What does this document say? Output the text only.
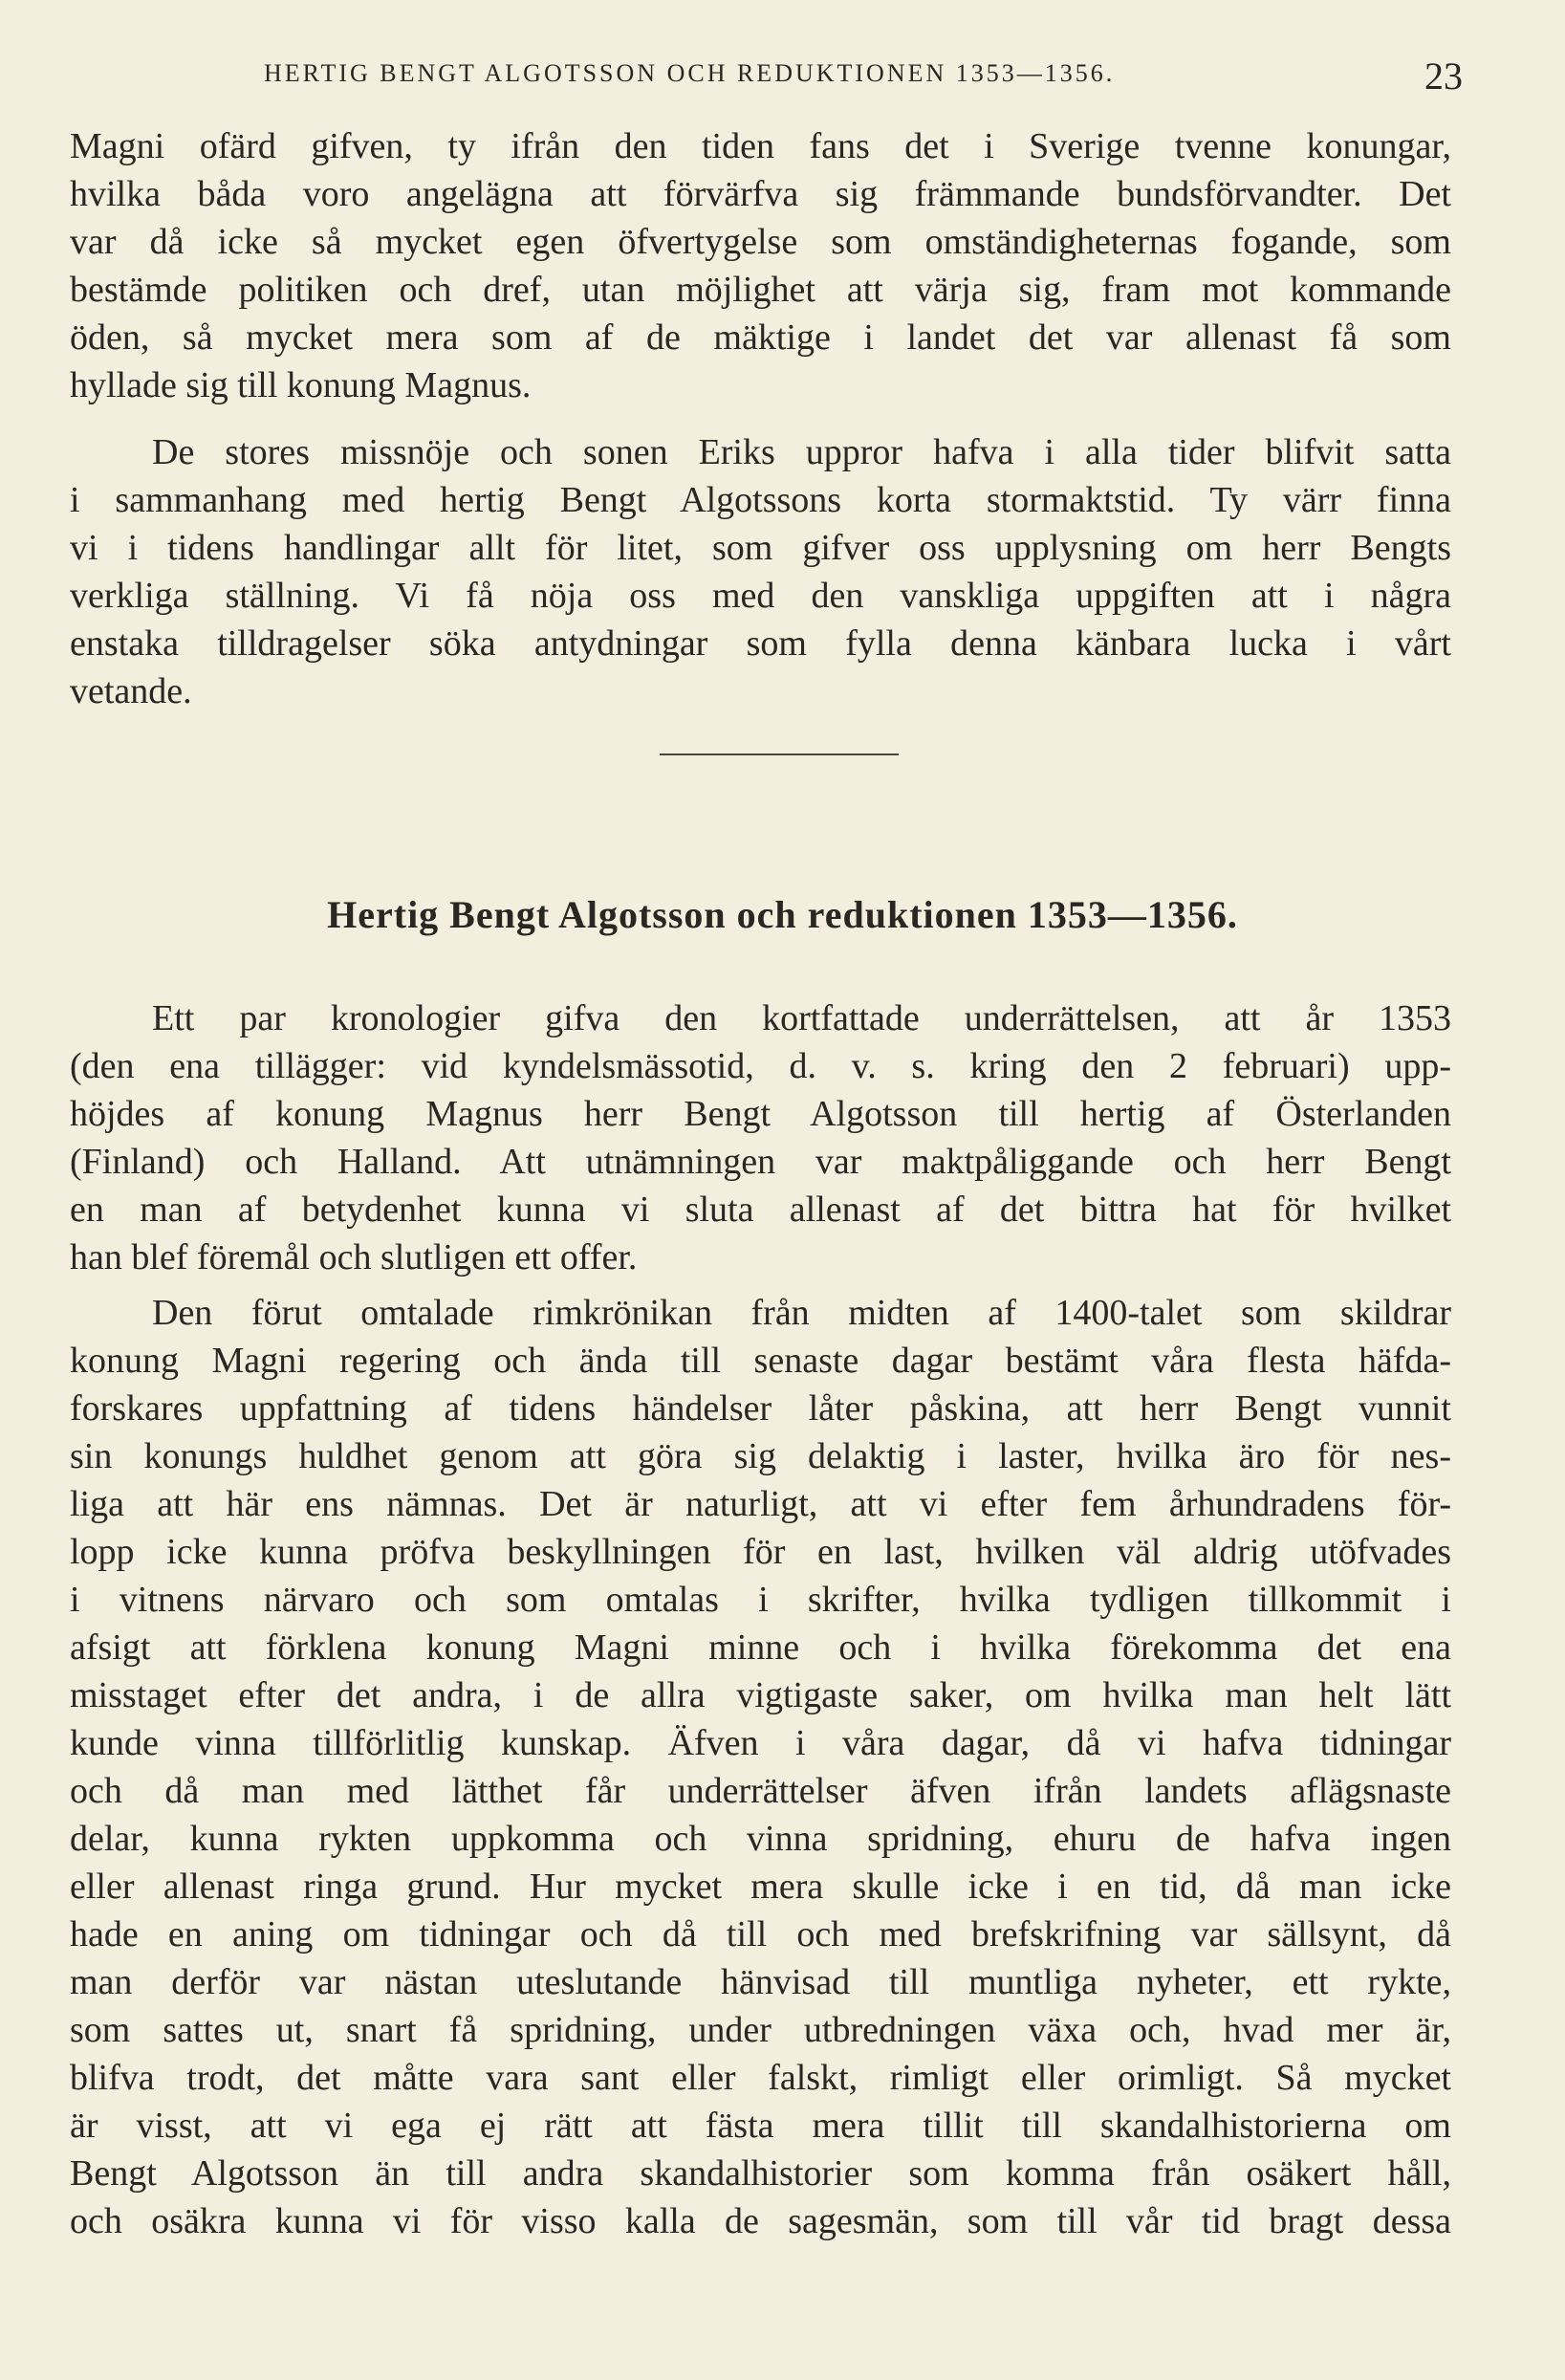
HERTIG BENGT ALGOTSSON OCH REDUKTIONEN 1353—1356.	23
Magni ofärd gifven, ty ifrån den tiden fans det i Sverige tvenne konungar,
hvilka båda voro angelägna att förvärfva sig främmande bundsförvandter. Det
var då icke så mycket egen öfvertygelse som omständigheternas fogande, som
bestämde politiken och dref, utan möjlighet att värja sig, fram mot kommande
öden, så mycket mera som af de mäktige i landet det var allenast få som
hyllade sig till konung Magnus.
De stores missnöje och sonen Eriks uppror hafva i alla tider blifvit satta
i sammanhang med hertig Bengt Algotssons korta stormaktstid. Ty värr finna
vi i tidens handlingar allt för litet, som gifver oss upplysning om herr Bengts
verkliga ställning. Vi få nöja oss med den vanskliga uppgiften att i några
enstaka tilldragelser söka antydningar som fylla denna känbara lucka i vårt
vetande.
Hertig Bengt Algotsson och reduktionen 1353—1356.
Ett par kronologier gifva den kortfattade underrättelsen, att år 1353
(den ena tillägger: vid kyndelsmässotid, d. v. s. kring den 2 februari) upp-
höjdes af konung Magnus herr Bengt Algotsson till hertig af Österlanden
(Finland) och Halland. Att utnämningen var maktpåliggande och herr Bengt
en man af betydenhet kunna vi sluta allenast af det bittra hat för hvilket
han blef föremål och slutligen ett offer.
Den förut omtalade rimkrönikan från midten af 1400-talet som skildrar
konung Magni regering och ända till senaste dagar bestämt våra flesta häfda-
forskares uppfattning af tidens händelser låter påskina, att herr Bengt vunnit
sin konungs huldhet genom att göra sig delaktig i laster, hvilka äro för nes-
liga att här ens nämnas. Det är naturligt, att vi efter fem århundradens för-
lopp icke kunna pröfva beskyllningen för en last, hvilken väl aldrig utöfvades
i vitnens närvaro och som omtalas i skrifter, hvilka tydligen tillkommit i
afsigt att förklena konung Magni minne och i hvilka förekomma det ena
misstaget efter det andra, i de allra vigtigaste saker, om hvilka man helt lätt
kunde vinna tillförlitlig kunskap. Äfven i våra dagar, då vi hafva tidningar
och då man med lätthet får underrättelser äfven ifrån landets aflägsnaste
delar, kunna rykten uppkomma och vinna spridning, ehuru de hafva ingen
eller allenast ringa grund. Hur mycket mera skulle icke i en tid, då man icke
hade en aning om tidningar och då till och med brefskrifning var sällsynt, då
man derför var nästan uteslutande hänvisad till muntliga nyheter, ett rykte,
som sattes ut, snart få spridning, under utbredningen växa och, hvad mer är,
blifva trodt, det måtte vara sant eller falskt, rimligt eller orimligt. Så mycket
är visst, att vi ega ej rätt att fästa mera tillit till skandalhistorierna om
Bengt Algotsson än till andra skandalhistorier som komma från osäkert håll,
och osäkra kunna vi för visso kalla de sagesmän, som till vår tid bragt dessa
